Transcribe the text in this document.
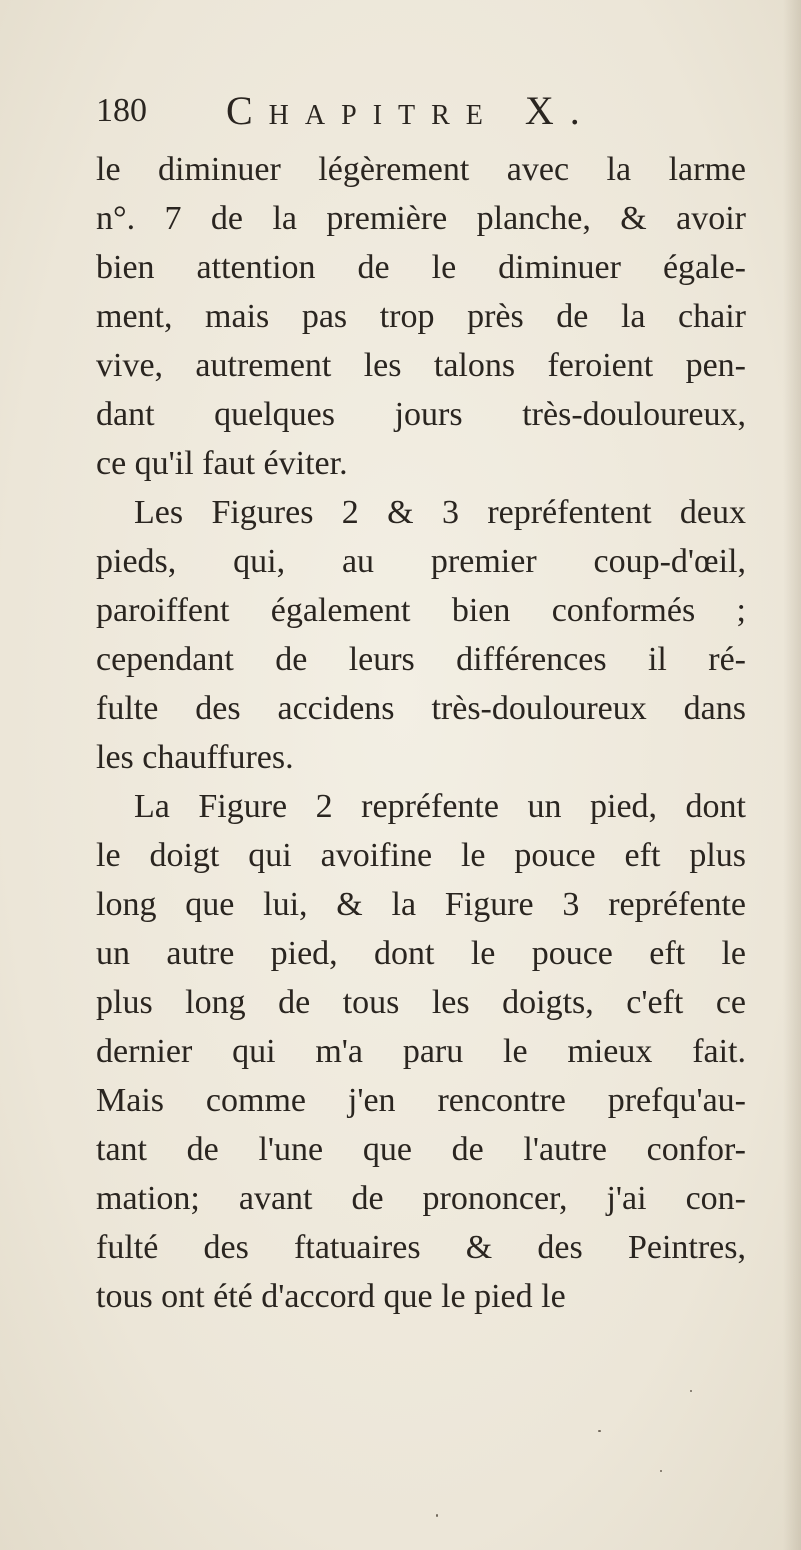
180 Chapitre X.
le diminuer légèrement avec la larme
n°. 7 de la première planche, & avoir
bien attention de le diminuer égale-
ment, mais pas trop près de la chair
vive, autrement les talons feroient pen-
dant quelques jours très-douloureux,
ce qu'il faut éviter.
Les Figures 2 & 3 repréfentent deux
pieds, qui, au premier coup-d'œil,
paroiffent également bien conformés ;
cependant de leurs différences il ré-
fulte des accidens très-douloureux dans
les chauffures.
La Figure 2 repréfente un pied, dont
le doigt qui avoifine le pouce eft plus
long que lui, & la Figure 3 repréfente
un autre pied, dont le pouce eft le
plus long de tous les doigts, c'eft ce
dernier qui m'a paru le mieux fait.
Mais comme j'en rencontre prefqu'au-
tant de l'une que de l'autre confor-
mation; avant de prononcer, j'ai con-
fulté des ftatuaires & des Peintres,
tous ont été d'accord que le pied le
